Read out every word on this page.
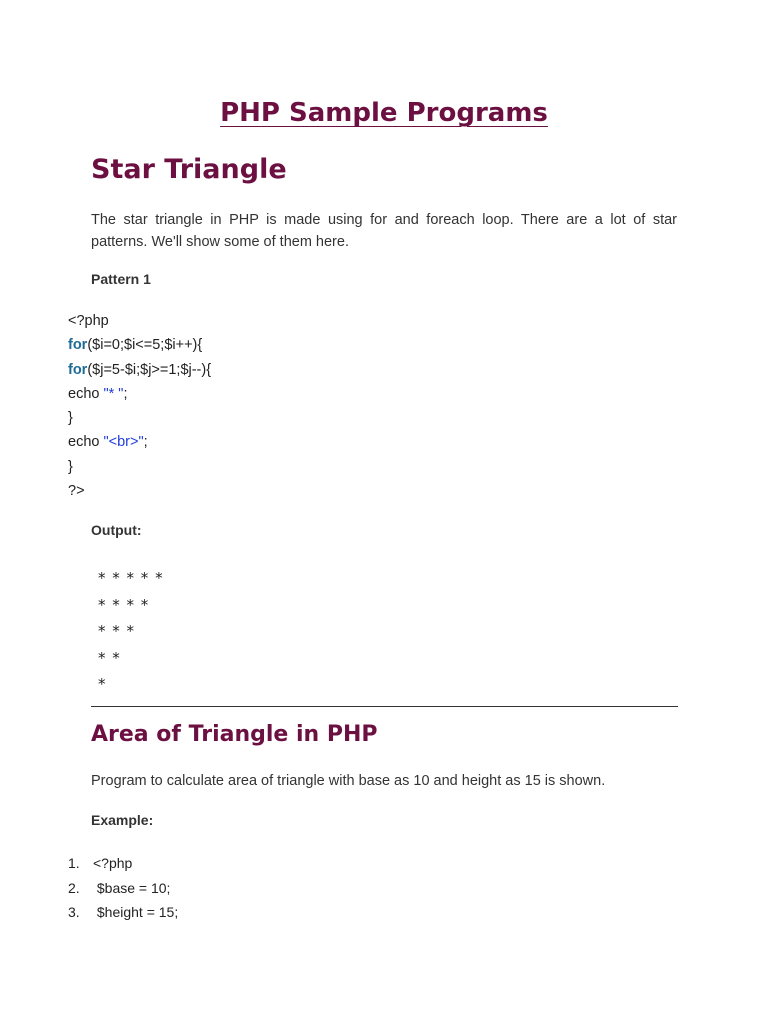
PHP Sample Programs
Star Triangle

The star triangle in PHP is made using for and foreach loop. There are a lot of star patterns. We'll show some of them here.

Pattern 1

<?php
for($i=0;$i<=5;$i++){
for($j=5-$i;$j>=1;$j--){
echo "* ";
}
echo "<br>";
}
?>

Output:

* * * * *
* * * *
* * *
* *
*
Area of Triangle in PHP

Program to calculate area of triangle with base as 10 and height as 15 is shown.

Example:

1. <?php
2. $base = 10;
3. $height = 15;
